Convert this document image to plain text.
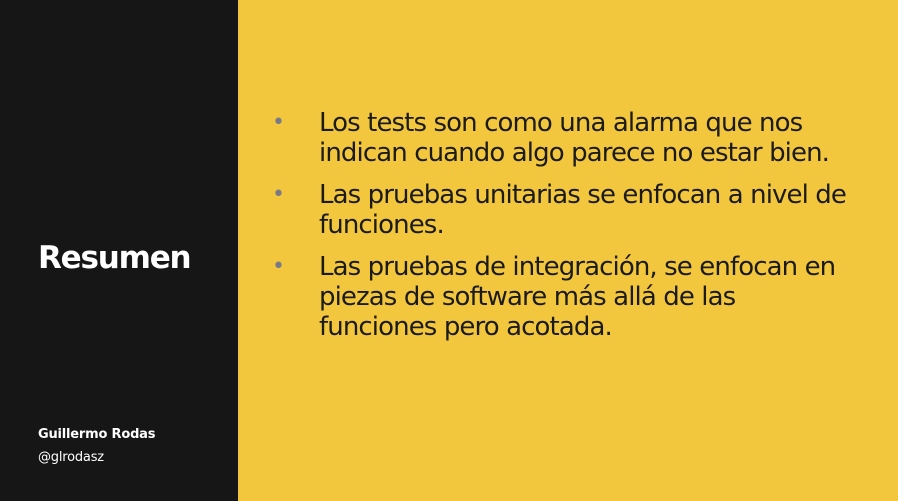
Resumen
Guillermo Rodas
@glrodasz
• Los tests son como una alarma que nos indican cuando algo parece no estar bien.
• Las pruebas unitarias se enfocan a nivel de funciones.
• Las pruebas de integración, se enfocan en piezas de software más allá de las funciones pero acotada.
